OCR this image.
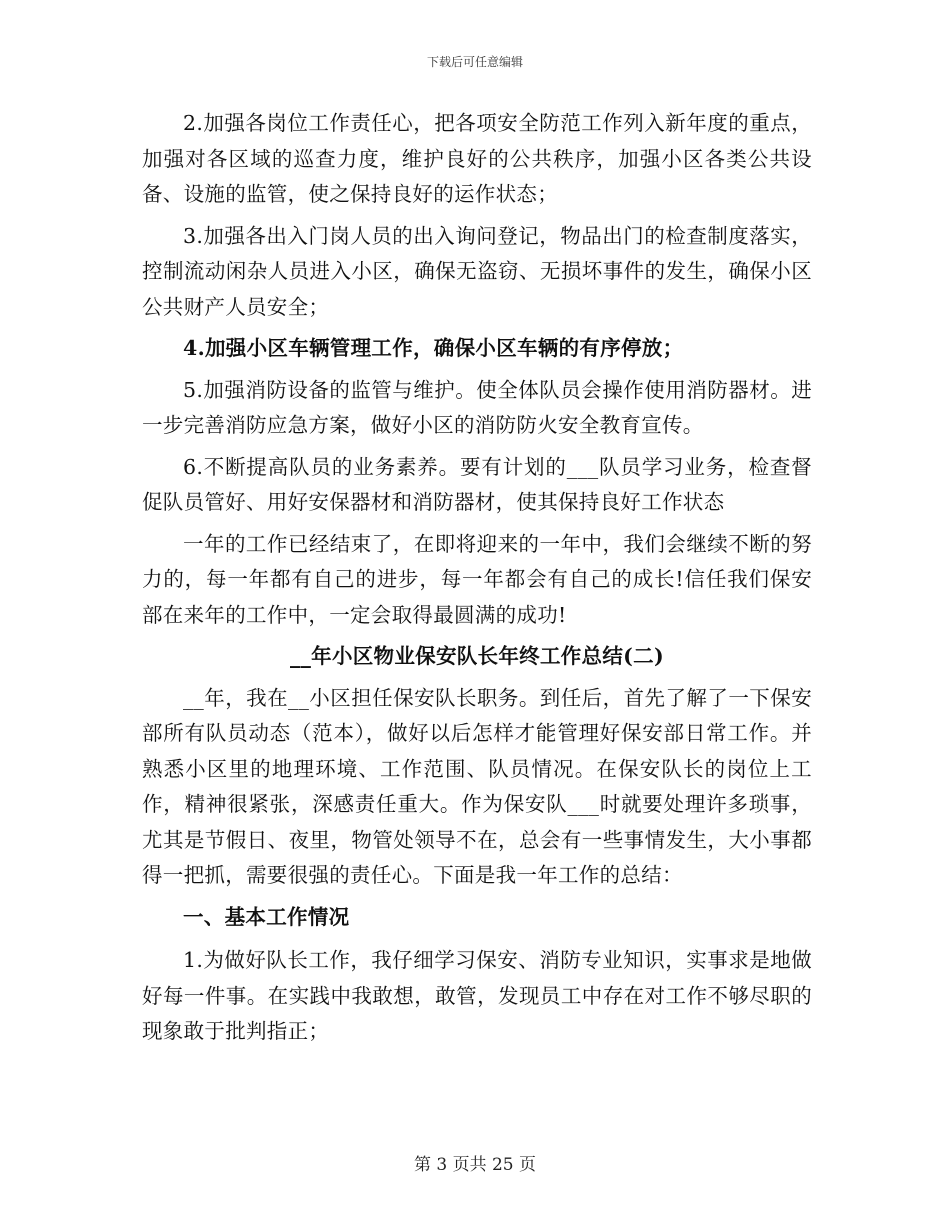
下载后可任意编辑

2.加强各岗位工作责任心，把各项安全防范工作列入新年度的重点，加强对各区域的巡查力度，维护良好的公共秩序，加强小区各类公共设备、设施的监管，使之保持良好的运作状态；

3.加强各出入门岗人员的出入询问登记，物品出门的检查制度落实，控制流动闲杂人员进入小区，确保无盗窃、无损坏事件的发生，确保小区公共财产人员安全；

4.加强小区车辆管理工作，确保小区车辆的有序停放；

5.加强消防设备的监管与维护。使全体队员会操作使用消防器材。进一步完善消防应急方案，做好小区的消防防火安全教育宣传。

6.不断提高队员的业务素养。要有计划的___队员学习业务，检查督促队员管好、用好安保器材和消防器材，使其保持良好工作状态

一年的工作已经结束了，在即将迎来的一年中，我们会继续不断的努力的，每一年都有自己的进步，每一年都会有自己的成长!信任我们保安部在来年的工作中，一定会取得最圆满的成功!

__年小区物业保安队长年终工作总结(二)

__年，我在__小区担任保安队长职务。到任后，首先了解了一下保安部所有队员动态（范本），做好以后怎样才能管理好保安部日常工作。并熟悉小区里的地理环境、工作范围、队员情况。在保安队长的岗位上工作，精神很紧张，深感责任重大。作为保安队___时就要处理许多琐事，尤其是节假日、夜里，物管处领导不在，总会有一些事情发生，大小事都得一把抓，需要很强的责任心。下面是我一年工作的总结：

一、基本工作情况

1.为做好队长工作，我仔细学习保安、消防专业知识，实事求是地做好每一件事。在实践中我敢想，敢管，发现员工中存在对工作不够尽职的现象敢于批判指正；

第 3 页共 25 页
